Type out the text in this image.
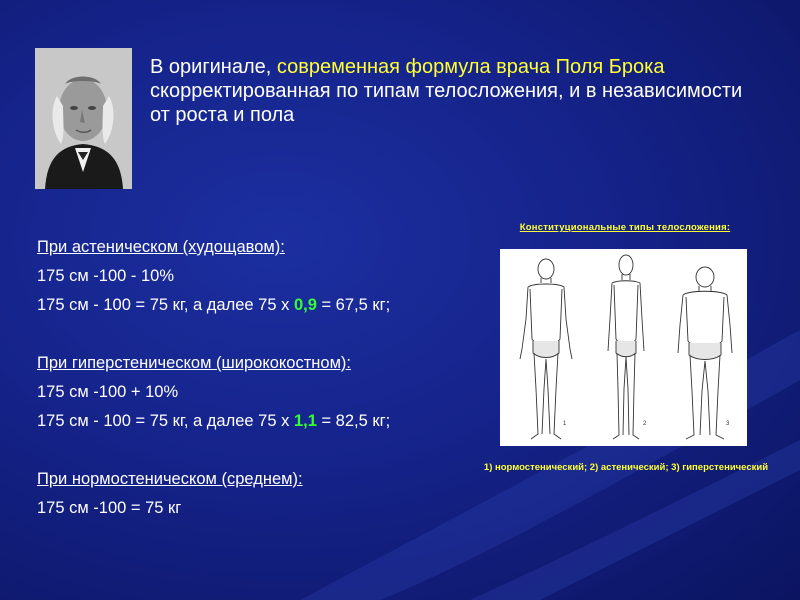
В оригинале, современная формула врача Поля Брока скорректированная по типам телосложения, и в независимости от роста и пола
При астеническом (худощавом):
175 см -100 - 10%
175 см - 100 = 75 кг, а далее 75 х 0,9 = 67,5 кг;
При гиперстеническом (ширококостном):
175 см -100 + 10%
175 см - 100 = 75 кг, а далее 75 х 1,1 = 82,5 кг;
При нормостеническом (среднем):
175 см -100 = 75 кг
Конституциональные типы телосложения:
1	2	3
1) нормостенический; 2) астенический; 3) гиперстенический
